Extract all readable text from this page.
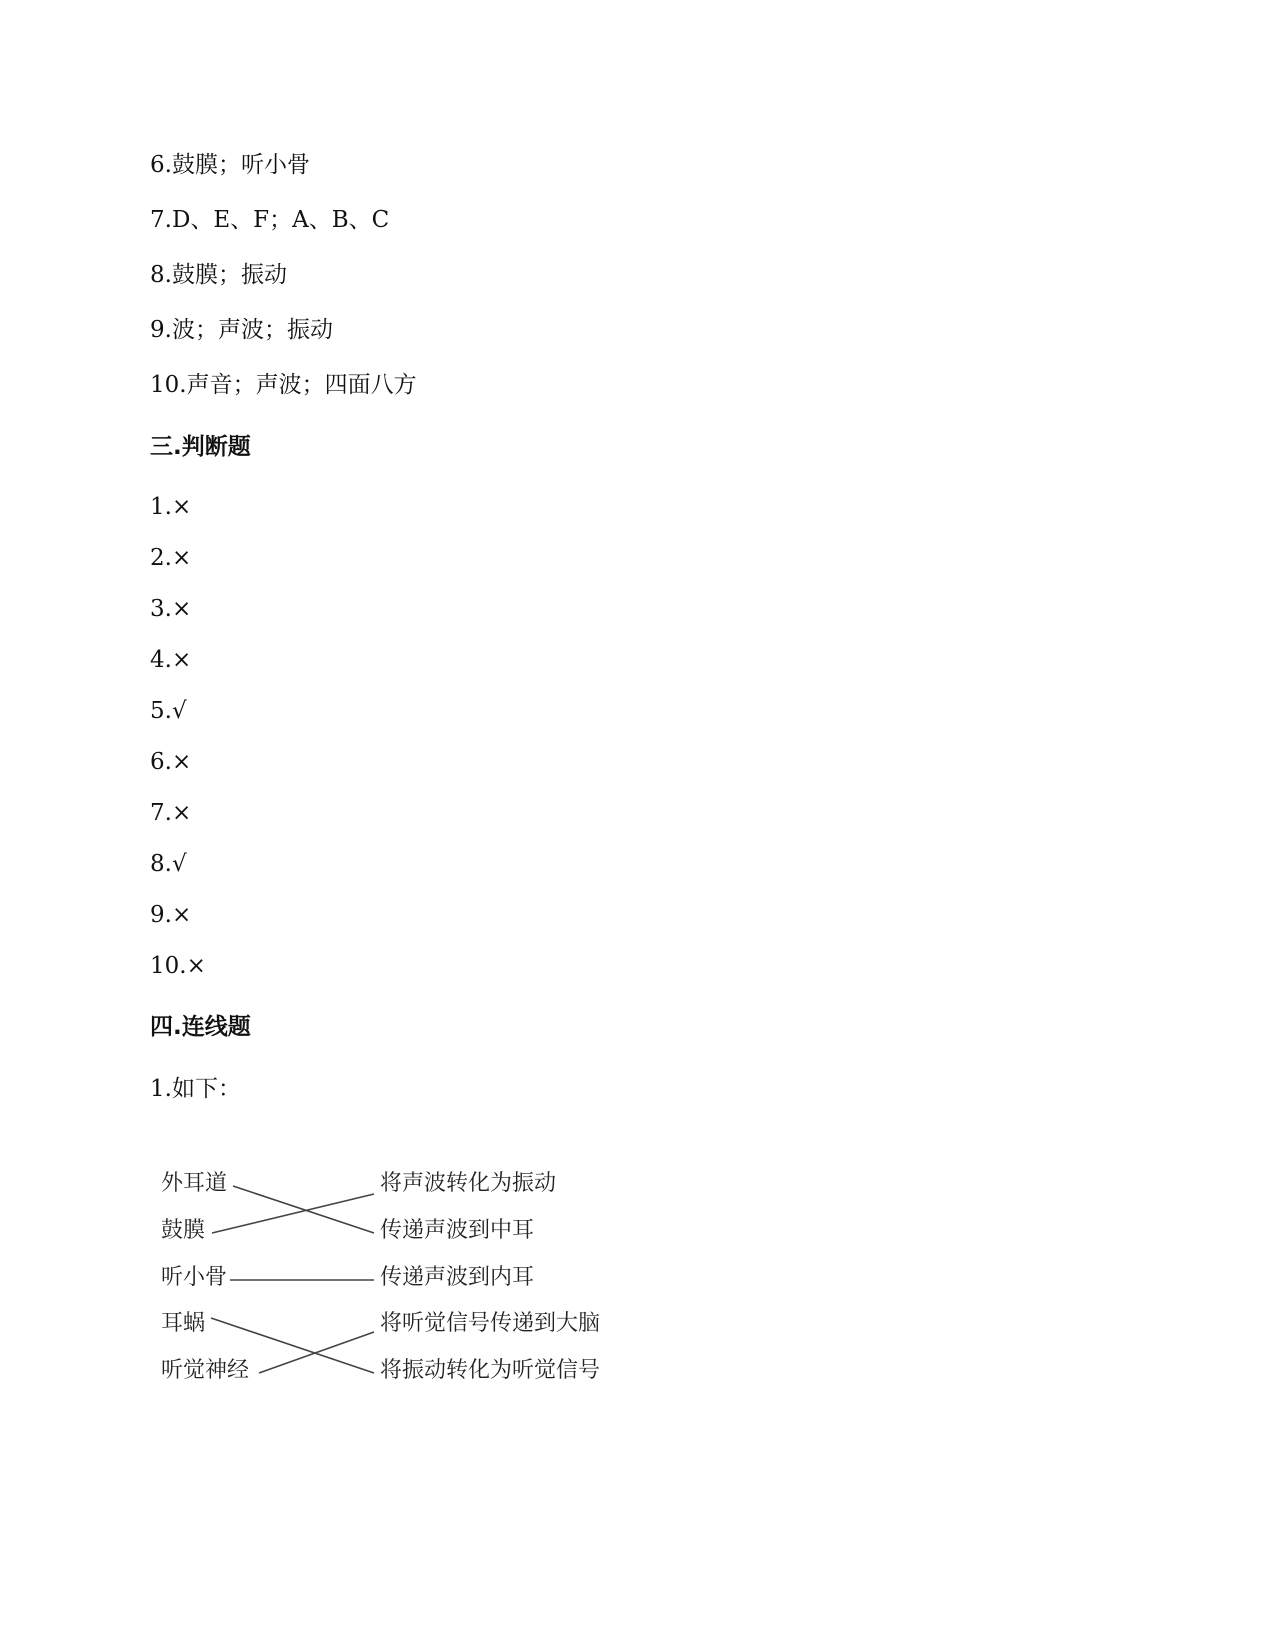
6.鼓膜；听小骨
7.D、E、F；A、B、C
8.鼓膜；振动
9.波；声波；振动
10.声音；声波；四面八方
三.判断题
1.×
2.×
3.×
4.×
5.√
6.×
7.×
8.√
9.×
10.×
四.连线题
1.如下：
外耳道
鼓膜
听小骨
耳蜗
听觉神经
将声波转化为振动
传递声波到中耳
传递声波到内耳
将听觉信号传递到大脑
将振动转化为听觉信号
